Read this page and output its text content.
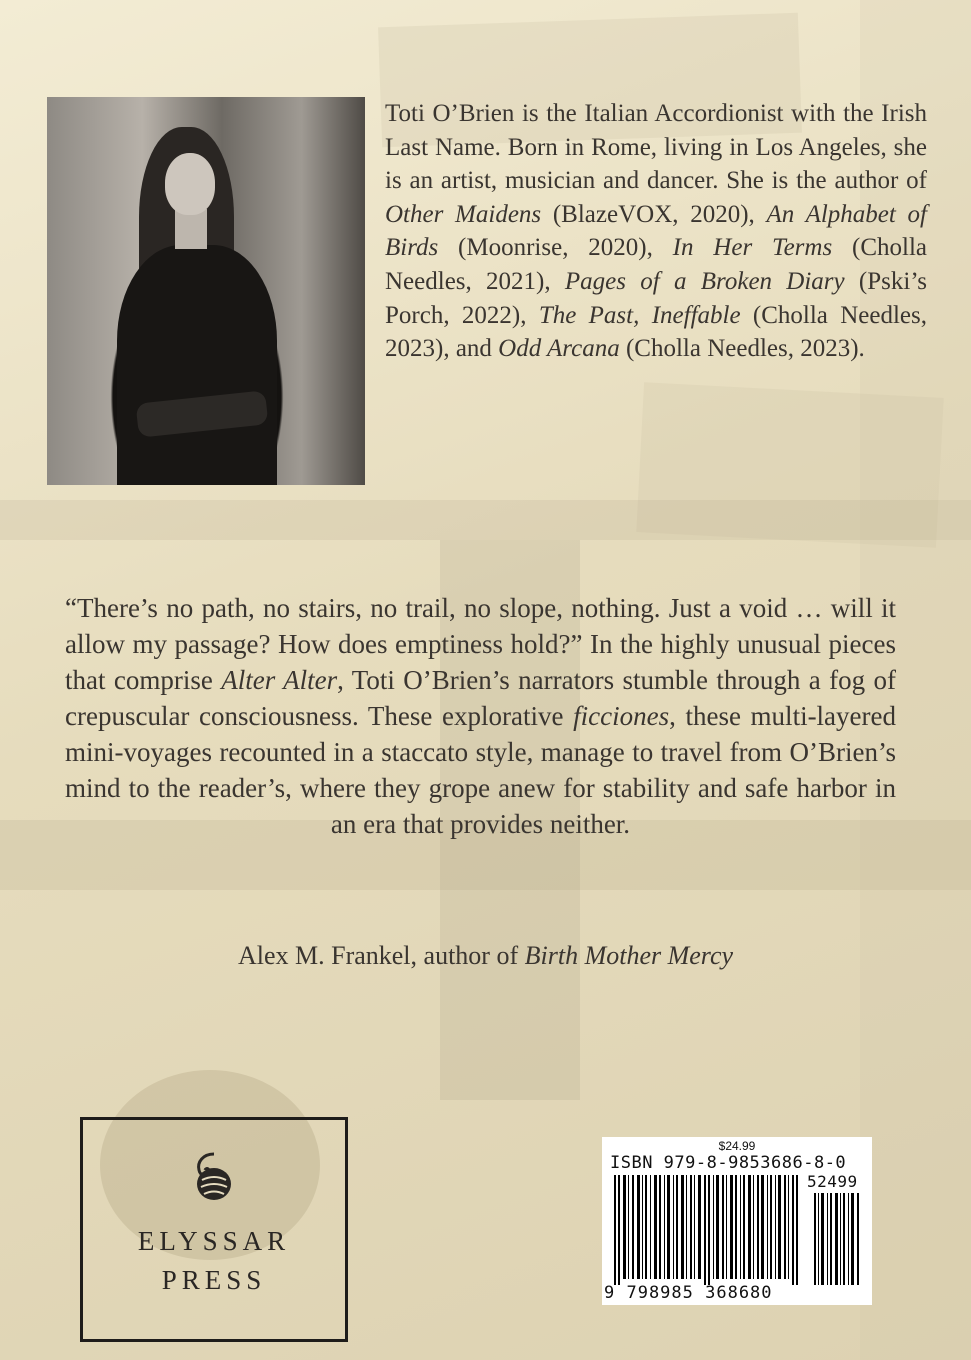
Toti O’Brien is the Italian Accordionist with the Irish Last Name. Born in Rome, living in Los Angeles, she is an artist, musician and dancer. She is the author of Other Maidens (BlazeVOX, 2020), An Alphabet of Birds (Moonrise, 2020), In Her Terms (Cholla Needles, 2021), Pages of a Broken Diary (Pski’s Porch, 2022), The Past, Ineffable (Cholla Needles, 2023), and Odd Arcana (Cholla Needles, 2023).

“There’s no path, no stairs, no trail, no slope, nothing. Just a void … will it allow my passage? How does emptiness hold?” In the highly unusual pieces that comprise Alter Alter, Toti O’Brien’s narrators stumble through a fog of crepuscular consciousness. These explorative ficciones, these multi-layered mini-voyages recounted in a staccato style, manage to travel from O’Brien’s mind to the reader’s, where they grope anew for stability and safe harbor in an era that provides neither.

Alex M. Frankel, author of Birth Mother Mercy
ELYSSAR
PRESS
$24.99
ISBN 979-8-9853686-8-0
52499
9 798985 368680
